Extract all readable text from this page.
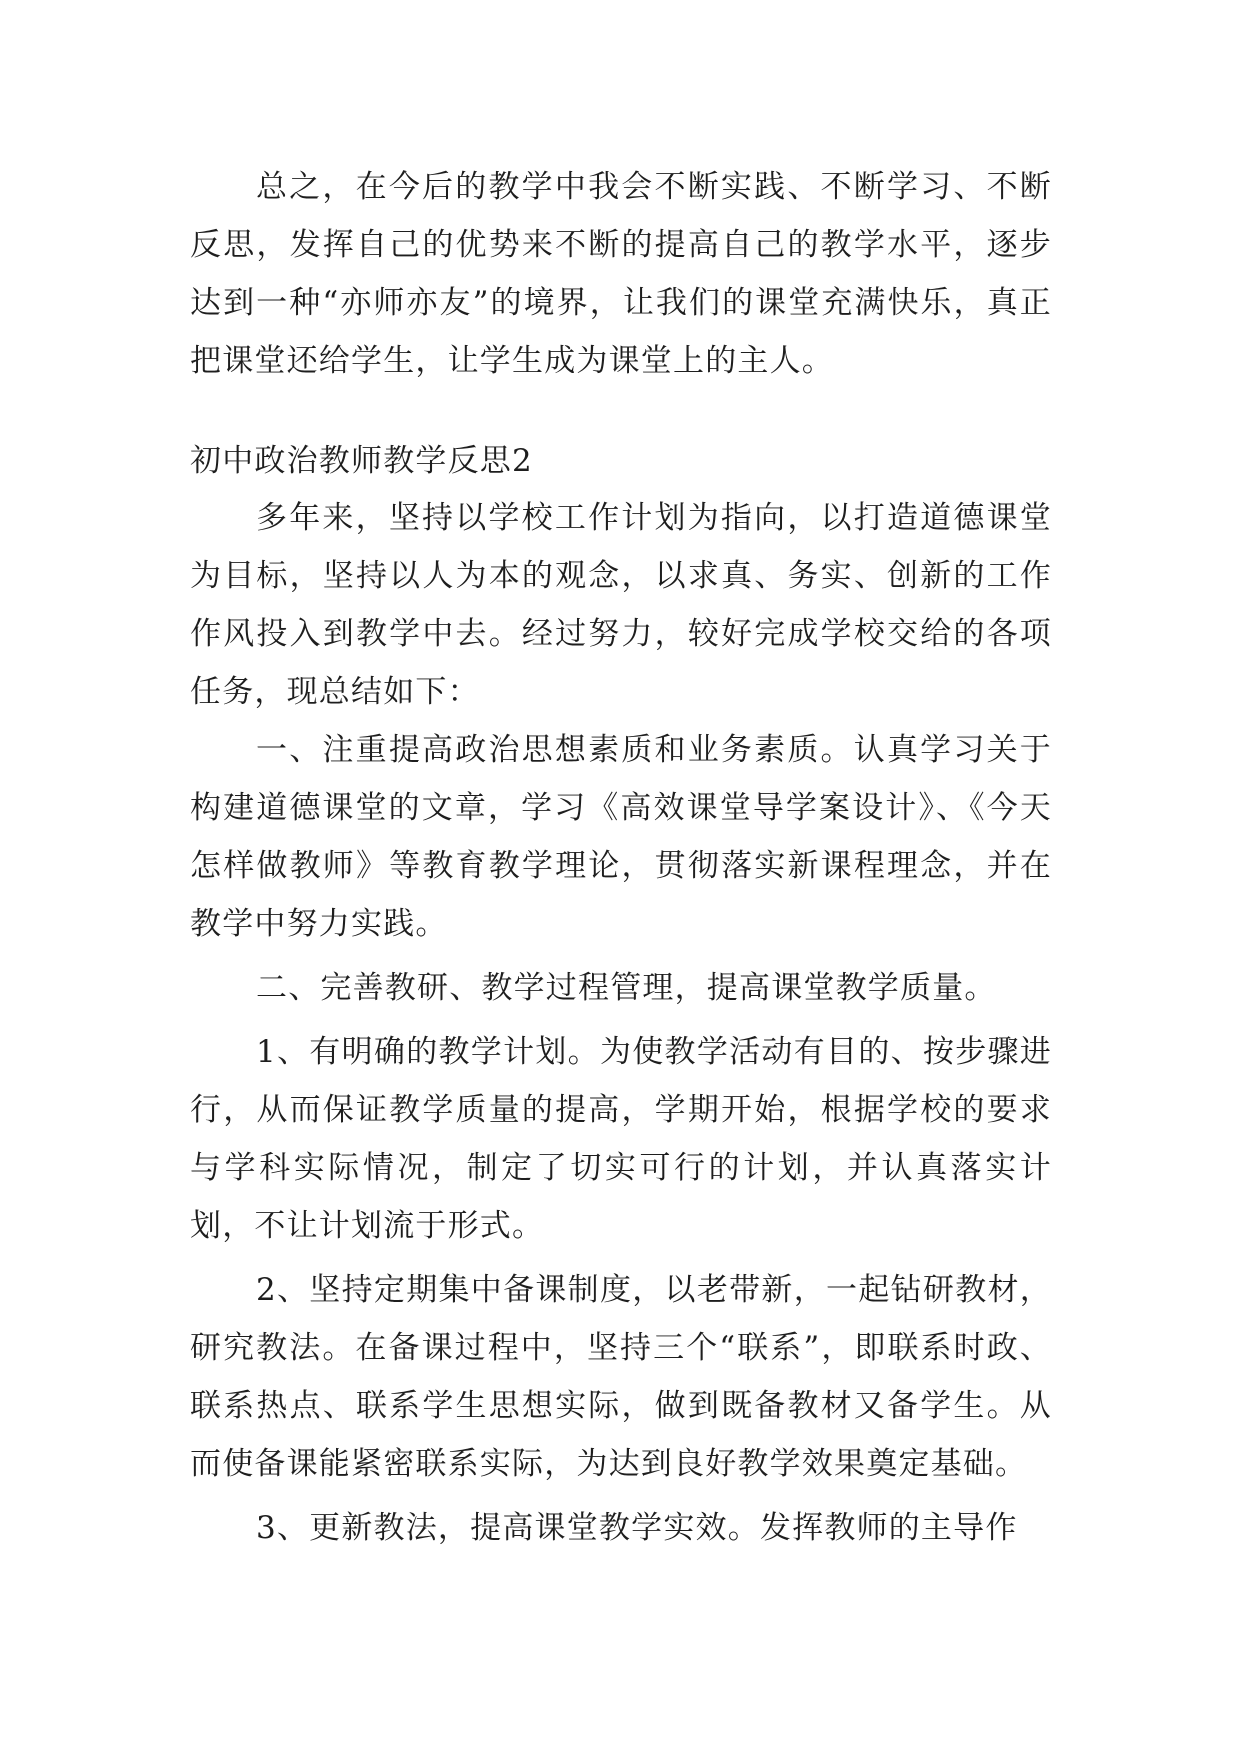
总之，在今后的教学中我会不断实践、不断学习、不断反思，发挥自己的优势来不断的提高自己的教学水平，逐步达到一种“亦师亦友”的境界，让我们的课堂充满快乐，真正把课堂还给学生，让学生成为课堂上的主人。

初中政治教师教学反思2

多年来，坚持以学校工作计划为指向，以打造道德课堂为目标，坚持以人为本的观念，以求真、务实、创新的工作作风投入到教学中去。经过努力，较好完成学校交给的各项任务，现总结如下：

一、注重提高政治思想素质和业务素质。认真学习关于构建道德课堂的文章，学习《高效课堂导学案设计》、《今天怎样做教师》等教育教学理论，贯彻落实新课程理念，并在教学中努力实践。

二、完善教研、教学过程管理，提高课堂教学质量。

1、有明确的教学计划。为使教学活动有目的、按步骤进行，从而保证教学质量的提高，学期开始，根据学校的要求与学科实际情况，制定了切实可行的计划，并认真落实计划，不让计划流于形式。

2、坚持定期集中备课制度，以老带新，一起钻研教材，研究教法。在备课过程中，坚持三个“联系”，即联系时政、联系热点、联系学生思想实际，做到既备教材又备学生。从而使备课能紧密联系实际，为达到良好教学效果奠定基础。

3、更新教法，提高课堂教学实效。发挥教师的主导作
